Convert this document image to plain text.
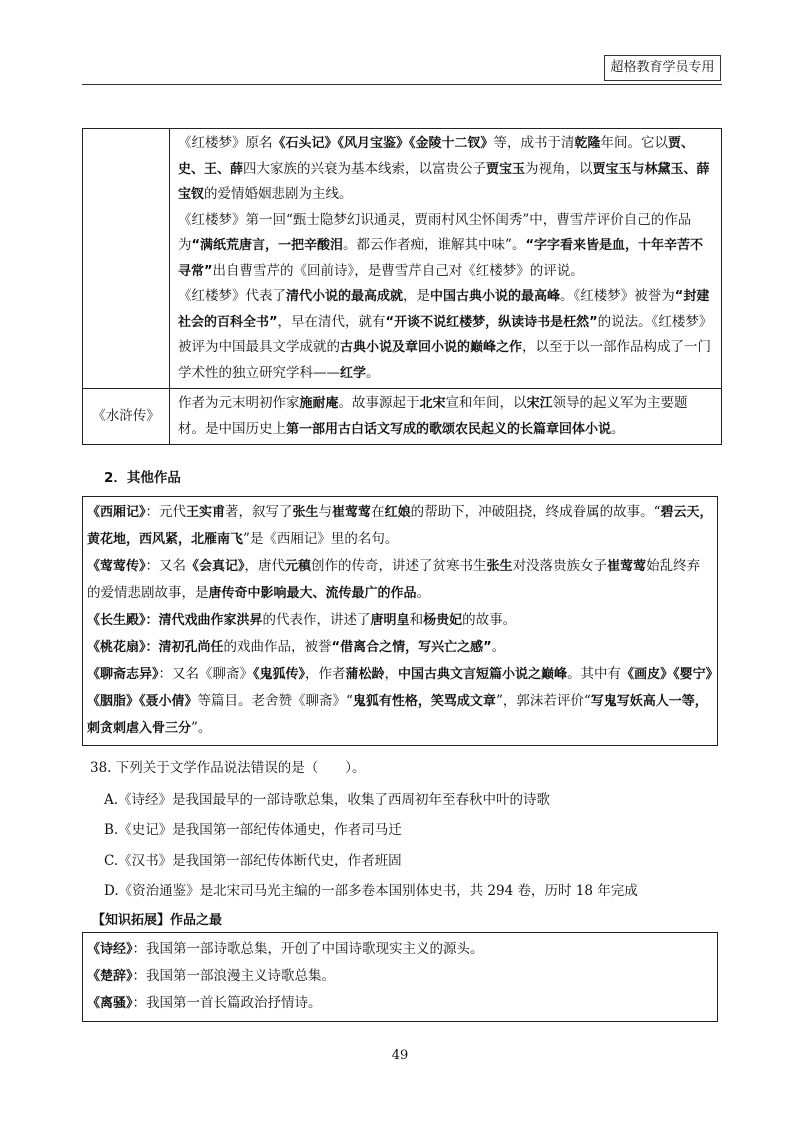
超格教育学员专用

	《红楼梦》原名《石头记》《风月宝鉴》《金陵十二钗》等，成书于清乾隆年间。它以贾、史、王、薛四大家族的兴衰为基本线索，以富贵公子贾宝玉为视角，以贾宝玉与林黛玉、薛宝钗的爱情婚姻悲剧为主线。

《红楼梦》第一回“甄士隐梦幻识通灵，贾雨村风尘怀闺秀”中，曹雪芹评价自己的作品为“满纸荒唐言，一把辛酸泪。都云作者痴，谁解其中味”。“字字看来皆是血，十年辛苦不寻常”出自曹雪芹的《回前诗》，是曹雪芹自己对《红楼梦》的评说。

《红楼梦》代表了清代小说的最高成就，是中国古典小说的最高峰。《红楼梦》被誉为“封建社会的百科全书”，早在清代，就有“开谈不说红楼梦，纵读诗书是枉然”的说法。《红楼梦》被评为中国最具文学成就的古典小说及章回小说的巅峰之作，以至于以一部作品构成了一门学术性的独立研究学科——红学。

《水浒传》	作者为元末明初作家施耐庵。故事源起于北宋宣和年间，以宋江领导的起义军为主要题材。是中国历史上第一部用古白话文写成的歌颂农民起义的长篇章回体小说。

2．其他作品

《西厢记》：元代王实甫著，叙写了张生与崔莺莺在红娘的帮助下，冲破阻挠，终成眷属的故事。“碧云天，黄花地，西风紧，北雁南飞”是《西厢记》里的名句。

《莺莺传》：又名《会真记》，唐代元稹创作的传奇，讲述了贫寒书生张生对没落贵族女子崔莺莺始乱终弃的爱情悲剧故事，是唐传奇中影响最大、流传最广的作品。

《长生殿》：清代戏曲作家洪昇的代表作，讲述了唐明皇和杨贵妃的故事。

《桃花扇》：清初孔尚任的戏曲作品，被誉“借离合之情，写兴亡之感”。

《聊斋志异》：又名《聊斋》《鬼狐传》，作者蒲松龄，中国古典文言短篇小说之巅峰。其中有《画皮》《婴宁》《胭脂》《聂小倩》等篇目。老舍赞《聊斋》“鬼狐有性格，笑骂成文章”，郭沫若评价“写鬼写妖高人一等，刺贪刺虐入骨三分”。

38. 下列关于文学作品说法错误的是（　　）。
A.《诗经》是我国最早的一部诗歌总集，收集了西周初年至春秋中叶的诗歌
B.《史记》是我国第一部纪传体通史，作者司马迁
C.《汉书》是我国第一部纪传体断代史，作者班固
D.《资治通鉴》是北宋司马光主编的一部多卷本国别体史书，共 294 卷，历时 18 年完成
【知识拓展】作品之最

《诗经》：我国第一部诗歌总集，开创了中国诗歌现实主义的源头。

《楚辞》：我国第一部浪漫主义诗歌总集。

《离骚》：我国第一首长篇政治抒情诗。

49
